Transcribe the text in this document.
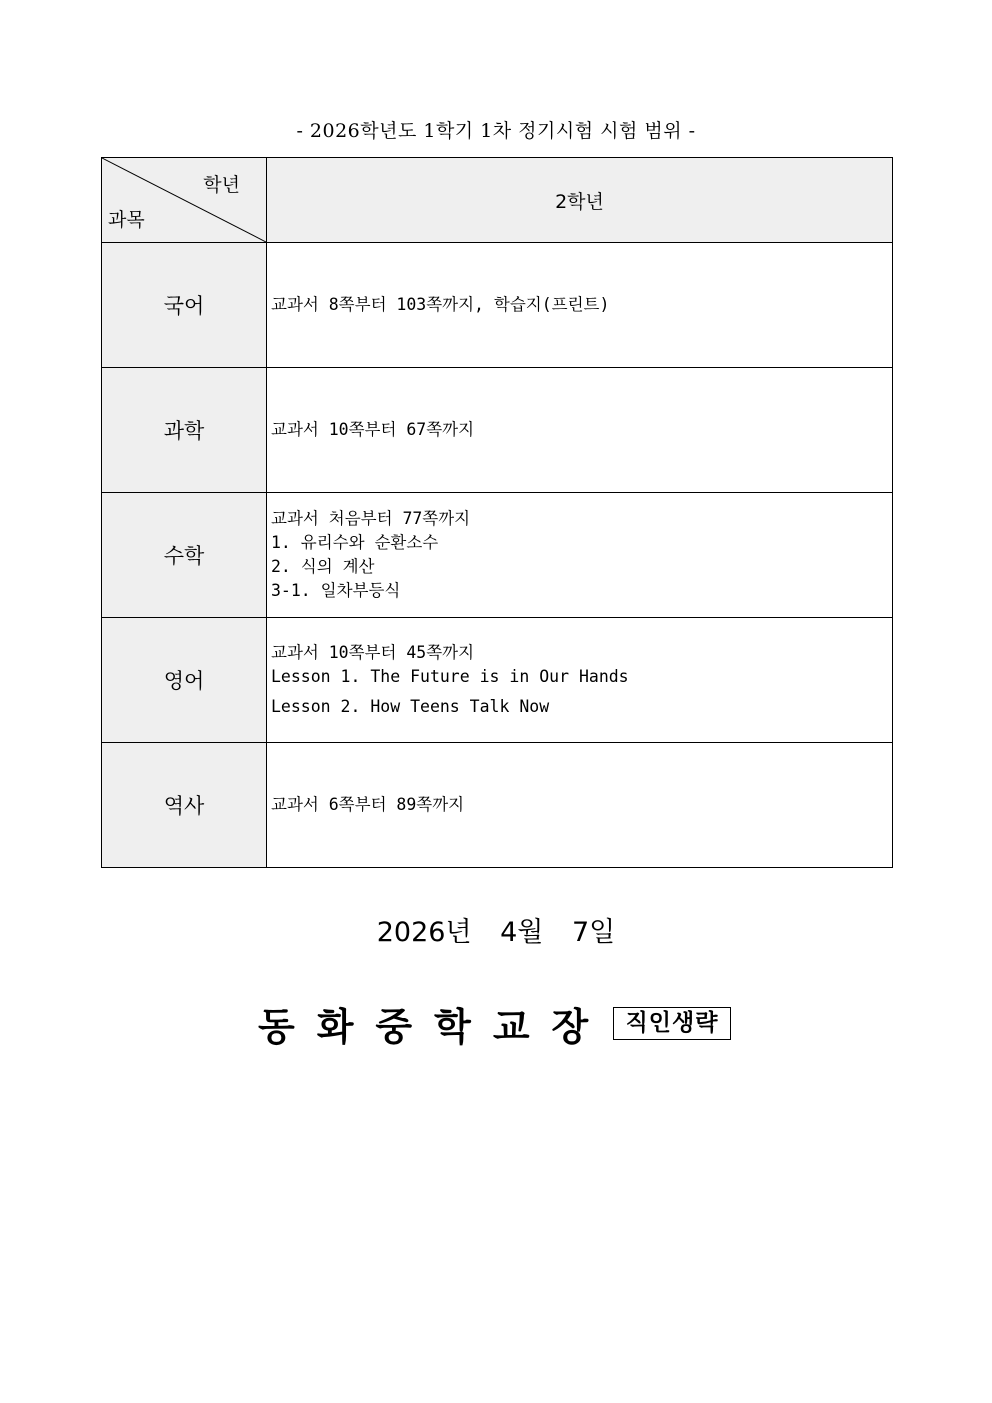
- 2026학년도 1학기 1차 정기시험 시험 범위 -
학년
과목	2학년
국어	교과서 8쪽부터 103쪽까지, 학습지(프린트)

과학	교과서 10쪽부터 67쪽까지

수학	교과서 처음부터 77쪽까지
1. 유리수와 순환소수
2. 식의 계산
3-1. 일차부등식

영어	교과서 10쪽부터 45쪽까지
Lesson 1. The Future is in Our Hands
Lesson 2. How Teens Talk Now

역사	교과서 6쪽부터 89쪽까지
2026년 4월 7일
동화중학교장 직인생략
